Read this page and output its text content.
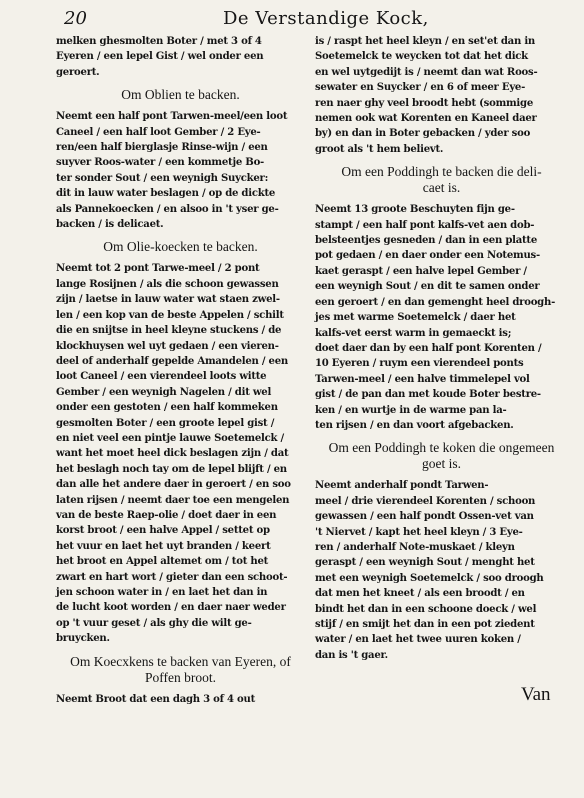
20	De Verstandige Kock,

melken ghesmolten Boter / met 3 of 4
Eyeren / een lepel Gist / wel onder een
geroert.

Om Oblien te backen.

Neemt een half pont Tarwen-meel/een loot
Caneel / een half loot Gember / 2 Eye-
ren/een half bierglasje Rinse-wijn / een
suyver Roos-water / een kommetje Bo-
ter sonder Sout / een weynigh Suycker:
dit in lauw water beslagen / op de dickte
als Pannekoecken / en alsoo in 't yser ge-
backen / is delicaet.

Om Olie-koecken te backen.

Neemt tot 2 pont Tarwe-meel / 2 pont
lange Rosijnen / als die schoon gewassen
zijn / laetse in lauw water wat staen zwel-
len / een kop van de beste Appelen / schilt
die en snijtse in heel kleyne stuckens / de
klockhuysen wel uyt gedaen / een vieren-
deel of anderhalf gepelde Amandelen / een
loot Caneel / een vierendeel loots witte
Gember / een weynigh Nagelen / dit wel
onder een gestoten / een half kommeken
gesmolten Boter / een groote lepel gist /
en niet veel een pintje lauwe Soetemelck /
want het moet heel dick beslagen zijn / dat
het beslagh noch tay om de lepel blijft / en
dan alle het andere daer in geroert / en soo
laten rijsen / neemt daer toe een mengelen
van de beste Raep-olie / doet daer in een
korst broot / een halve Appel / settet op
het vuur en laet het uyt branden / keert
het broot en Appel altemet om / tot het
zwart en hart wort / gieter dan een schoot-
jen schoon water in / en laet het dan in
de lucht koot worden / en daer naer weder
op 't vuur geset / als ghy die wilt ge-
bruycken.

Om Koecxkens te backen van Eyeren, of
Poffen broot.

Neemt Broot dat een dagh 3 of 4 out

is / raspt het heel kleyn / en set'et dan in
Soetemelck te weycken tot dat het dick
en wel uytgedijt is / neemt dan wat Roos-
sewater en Suycker / en 6 of meer Eye-
ren naer ghy veel broodt hebt (sommige
nemen ook wat Korenten en Kaneel daer
by) en dan in Boter gebacken / yder soo
groot als 't hem believt.

Om een Poddingh te backen die deli-
caet is.

Neemt 13 groote Beschuyten fijn ge-
stampt / een half pont kalfs-vet aen dob-
belsteentjes gesneden / dan in een platte
pot gedaen / en daer onder een Notemus-
kaet geraspt / een halve lepel Gember /
een weynigh Sout / en dit te samen onder
een geroert / en dan gemenght heel droogh-
jes met warme Soetemelck / daer het
kalfs-vet eerst warm in gemaeckt is;
doet daer dan by een half pont Korenten /
10 Eyeren / ruym een vierendeel ponts
Tarwen-meel / een halve timmelepel vol
gist / de pan dan met koude Boter bestre-
ken / en wurtje in de warme pan la-
ten rijsen / en dan voort afgebacken.

Om een Poddingh te koken die ongemeen
goet is.

Neemt anderhalf pondt Tarwen-
meel / drie vierendeel Korenten / schoon
gewassen / een half pondt Ossen-vet van
't Niervet / kapt het heel kleyn / 3 Eye-
ren / anderhalf Note-muskaet / kleyn
geraspt / een weynigh Sout / menght het
met een weynigh Soetemelck / soo droogh
dat men het kneet / als een broodt / en
bindt het dan in een schoone doeck / wel
stijf / en smijt het dan in een pot ziedent
water / en laet het twee uuren koken /
dan is 't gaer.

Van
